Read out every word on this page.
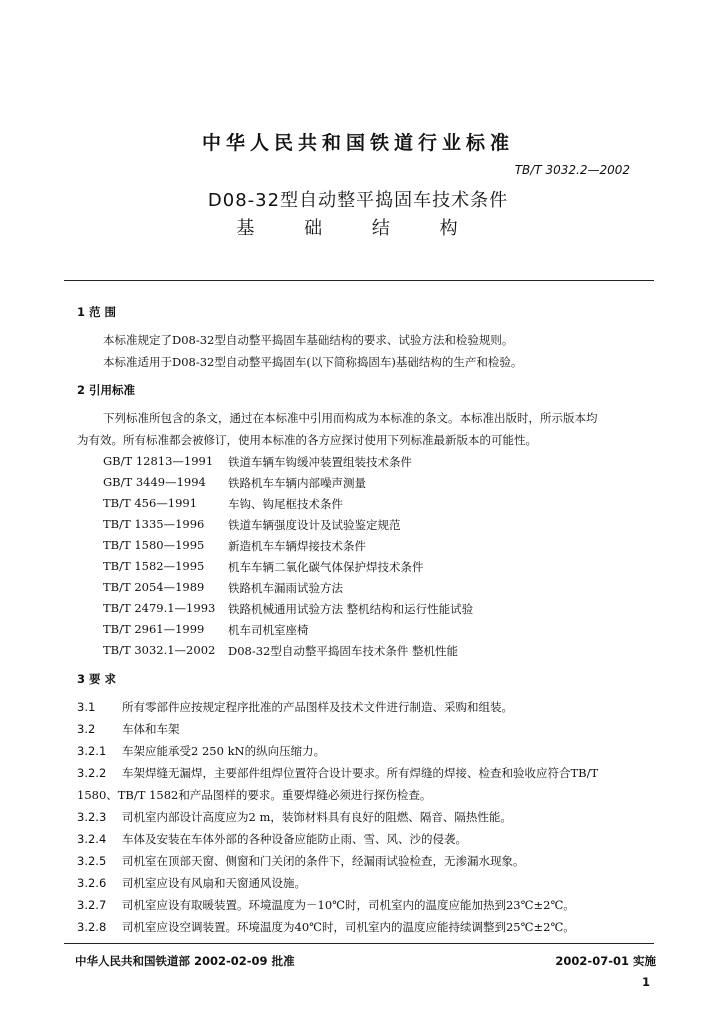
中华人民共和国铁道行业标准
TB/T 3032.2—2002
D08-32型自动整平捣固车技术条件
基 础 结 构
1 范 围
本标准规定了D08-32型自动整平捣固车基础结构的要求、试验方法和检验规则。
本标准适用于D08-32型自动整平捣固车(以下简称捣固车)基础结构的生产和检验。
2 引用标准
下列标准所包含的条文，通过在本标准中引用而构成为本标准的条文。本标准出版时，所示版本均
为有效。所有标准都会被修订，使用本标准的各方应探讨使用下列标准最新版本的可能性。
GB/T 12813—1991 铁道车辆车钩缓冲装置组装技术条件
GB/T 3449—1994 铁路机车车辆内部噪声测量
TB/T 456—1991	车钩、钩尾框技术条件
TB/T 1335—1996 铁道车辆强度设计及试验鉴定规范
TB/T 1580—1995 新造机车车辆焊接技术条件
TB/T 1582—1995 机车车辆二氧化碳气体保护焊技术条件
TB/T 2054—1989 铁路机车漏雨试验方法
TB/T 2479.1—1993 铁路机械通用试验方法 整机结构和运行性能试验
TB/T 2961—1999 机车司机室座椅
TB/T 3032.1—2002 D08-32型自动整平捣固车技术条件 整机性能
3 要 求
3.1 所有零部件应按规定程序批准的产品图样及技术文件进行制造、采购和组装。
3.2 车体和车架
3.2.1 车架应能承受2 250 kN的纵向压缩力。
3.2.2 车架焊缝无漏焊，主要部件组焊位置符合设计要求。所有焊缝的焊接、检查和验收应符合TB/T
1580、TB/T 1582和产品图样的要求。重要焊缝必须进行探伤检查。
3.2.3 司机室内部设计高度应为2 m，装饰材料具有良好的阻燃、隔音、隔热性能。
3.2.4 车体及安装在车体外部的各种设备应能防止雨、雪、风、沙的侵袭。
3.2.5 司机室在顶部天窗、侧窗和门关闭的条件下，经漏雨试验检查，无渗漏水现象。
3.2.6 司机室应设有风扇和天窗通风设施。
3.2.7 司机室应设有取暖装置。环境温度为－10℃时，司机室内的温度应能加热到23℃±2℃。
3.2.8 司机室应设空调装置。环境温度为40℃时，司机室内的温度应能持续调整到25℃±2℃。
中华人民共和国铁道部 2002-02-09 批准	2002-07-01 实施
1
